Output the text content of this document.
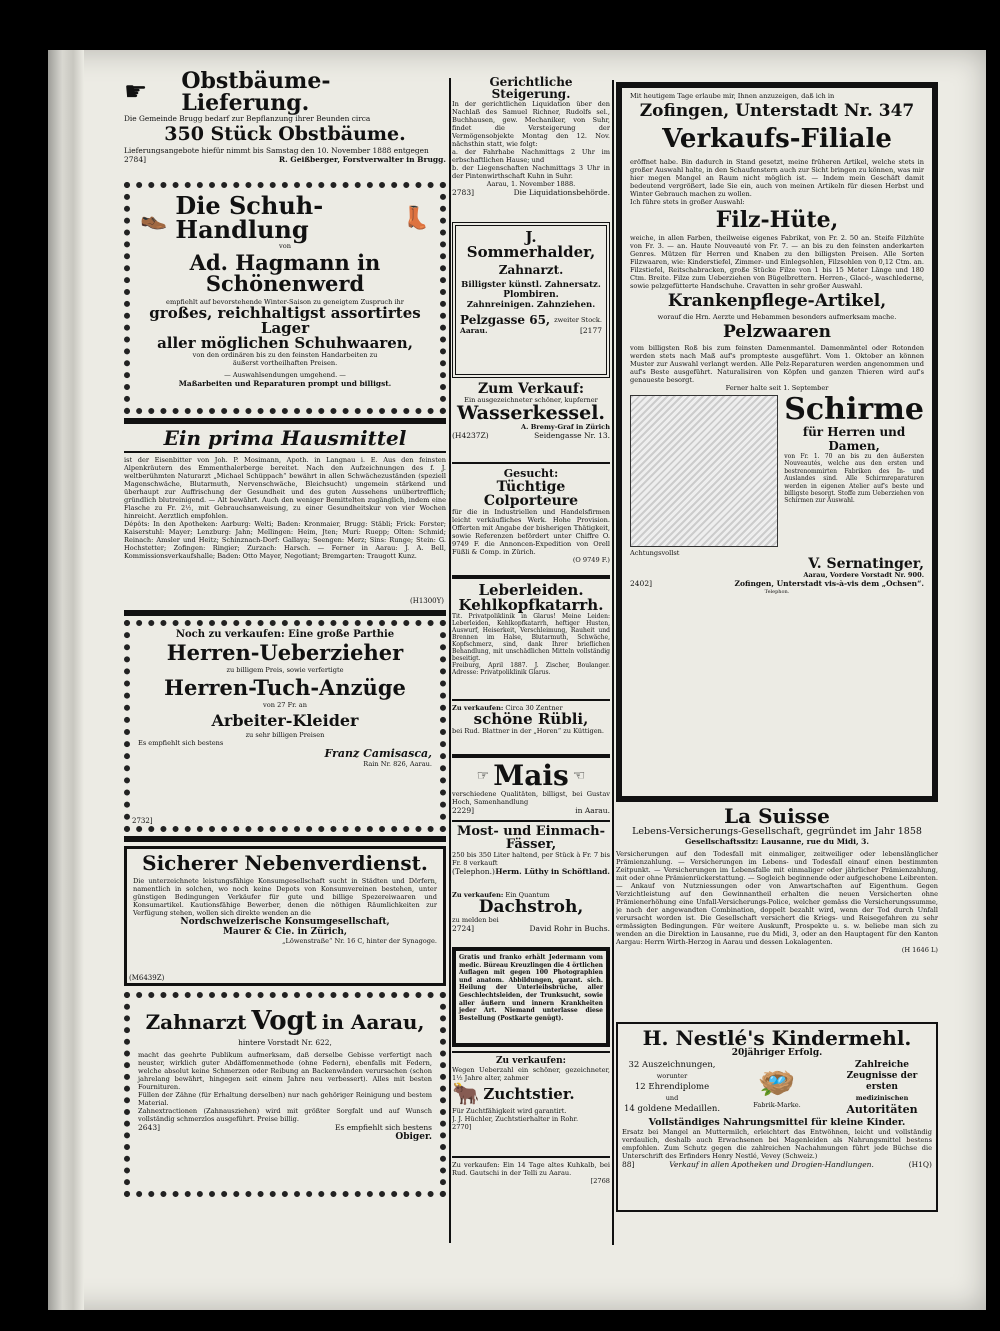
☛	Obstbäume-Lieferung.
Die Gemeinde Brugg bedarf zur Bepflanzung ihrer Beunden circa
350 Stück Obstbäume.
Lieferungsangebote hiefür nimmt bis Samstag den 10. November 1888 entgegen
2784]	R. Geißberger, Forstverwalter in Brugg.
👞 Die Schuh-Handlung	👢
von
Ad. Hagmann in Schönenwerd
empfiehlt auf bevorstehende Winter-Saison zu geneigtem Zuspruch ihr
großes, reichhaltigst assortirtes Lager
aller möglichen Schuhwaaren,
von den ordinären bis zu den feinsten Handarbeiten zu
äußerst vortheilhaften Preisen.
— Auswahlsendungen umgehend. —
Maßarbeiten und Reparaturen prompt und billigst.
Ein prima Hausmittel
ist der Eisenbitter von Joh. P. Mosimann, Apoth. in Langnau i. E. Aus den feinsten Alpenkräutern des Emmenthalerberge bereitet. Nach den Aufzeichnungen des f. J. weltberühmten Naturarzt „Michael Schüppach“ bewährt in allen Schwächezuständen (speziell Magenschwäche, Blutarmuth, Nervenschwäche, Bleichsucht) ungemein stärkend und überhaupt zur Auffrischung der Gesundheit und des guten Aussehens unübertrefflich; gründlich blutreinigend. — Alt bewährt. Auch den weniger Bemittelten zugänglich, indem eine Flasche zu Fr. 2½, mit Gebrauchsanweisung, zu einer Gesundheitskur von vier Wochen hinreicht. Aerztlich empfohlen.
Dépôts: In den Apotheken: Aarburg: Welti; Baden: Kronmaier, Brugg: Stäbli; Frick: Forster; Kaiserstuhl: Mayer; Lenzburg: Jahn; Mellingen: Heim, Jten; Muri: Ruepp; Olten: Schmid; Reinach: Amsler und Heitz; Schinznach-Dorf: Gallaya; Seengen: Merz; Sins: Runge; Stein: G. Hochstetter; Zofingen: Ringier; Zurzach: Harsch. — Ferner in Aarau: J. A. Bell, Kommissionsverkaufshalle; Baden: Otto Mayer, Negotiant; Bremgarten: Traugott Kunz.
(H1300Y)
Noch zu verkaufen: Eine große Parthie
Herren-Ueberzieher
zu billigem Preis, sowie verfertigte
Herren-Tuch-Anzüge
von 27 Fr. an
Arbeiter-Kleider
zu sehr billigen Preisen
Es empfiehlt sich bestens
Franz Camisasca,
Rain Nr. 826, Aarau.
2732]
Sicherer Nebenverdienst.
Die unterzeichnete leistungsfähige Konsumgesellschaft sucht in Städten und Dörfern, namentlich in solchen, wo noch keine Depots von Konsumvereinen bestehen, unter günstigen Bedingungen Verkäufer für gute und billige Spezereiwaaren und Konsumartikel. Kautionsfähige Bewerber, denen die nöthigen Räumlichkeiten zur Verfügung stehen, wollen sich direkte wenden an die
Nordschweizerische Konsumgesellschaft,
Maurer & Cie. in Zürich,
„Löwenstraße“ Nr. 16 C, hinter der Synagoge.
(M6439Z)
Zahnarzt Vogt in Aarau,
hintere Vorstadt Nr. 622,
macht das geehrte Publikum aufmerksam, daß derselbe Gebisse verfertigt nach neuster, wirklich guter Abdäffomenmethode (ohne Federn), ebenfalls mit Federn, welche absolut keine Schmerzen oder Reibung an Backenwänden verursachen (schon jahrelang bewährt, hingegen seit einem Jahre neu verbessert). Alles mit besten Fournituren.
Füllen der Zähne (für Erhaltung derselben) nur nach gehöriger Reinigung und bestem Material.
Zahnextractionen (Zahnausziehen) wird mit größter Sorgfalt und auf Wunsch vollständig schmerzlos ausgeführt. Preise billig.
2643]	Es empfiehlt sich bestens
Obiger.
Gerichtliche Steigerung.
In der gerichtlichen Liquidation über den Nachlaß des Samuel Richner, Rudolfs sel., Buchhausen, gew. Mechaniker, von Suhr, findet die Versteigerung der Vermögensobjekte Montag den 12. Nov. nächsthin statt, wie folgt:
a. der Fahrhabe Nachmittags 2 Uhr im erbschaftlichen Hause; und
b. der Liegenschaften Nachmittags 3 Uhr in der Pintenwirthschaft Kuhn in Suhr.
Aarau, 1. November 1888.
2783]	Die Liquidationsbehörde.
J. Sommerhalder,
Zahnarzt.
Billigster künstl. Zahnersatz.
Plombiren.
Zahnreinigen. Zahnziehen.
Pelzgasse 65, zweiter Stock.
Aarau.	[2177
Zum Verkauf:
Ein ausgezeichneter schöner, kupferner
Wasserkessel.
A. Bremy-Graf in Zürich
(H4237Z)	Seidengasse Nr. 13.
Gesucht:
Tüchtige Colporteure
für die in Industriellen und Handelsfirmen leicht verkäufliches Werk. Hohe Provision. Offerten mit Angabe der bisherigen Thätigkeit, sowie Referenzen befördert unter Chiffre O. 9749 F. die Annoncen-Expedition von Orell Füßli & Comp. in Zürich.
(O 9749 F.)
Leberleiden.
Kehlkopfkatarrh.
Tit. Privatpoliklinik in Glarus! Meine Leiden: Leberleiden, Kehlkopfkatarrh, heftiger Husten, Auswurf, Heiserkeit, Verschleimung, Rauheit und Brennen im Halse, Blutarmuth, Schwäche, Kopfschmerz, sind, dank Ihrer brieflichen Behandlung, mit unschädlichen Mitteln vollständig beseitigt.
Freiburg, April 1887. J. Zischer, Boulanger. Adresse: Privatpoliklinik Glarus.
Zu verkaufen: Circa 30 Zentner
schöne Rübli,
bei Rud. Blattner in der „Horen“ zu Küttigen.
☞ Mais ☜
verschiedene Qualitäten, billigst, bei Gustav Hoch, Samenhandlung
2229]	in Aarau.
Most- und Einmach-Fässer,
250 bis 350 Liter haltend, per Stück à Fr. 7 bis Fr. 8 verkauft
(Telephon.) Herm. Lüthy in Schöftland.
Zu verkaufen: Ein Quantum
Dachstroh,
zu melden bei
2724]	David Rohr in Buchs.
Gratis und franko erhält Jedermann vom medic. Büreau Kreuzlingen die 4 örtlichen Auflagen mit gegen 100 Photographien und anatom. Abbildungen, garant. sich. Heilung der Unterleibsbrüche, aller Geschlechtsleiden, der Trunksucht, sowie aller äußern und innern Krankheiten jeder Art. Niemand unterlasse diese Bestellung (Postkarte genügt).
Zu verkaufen:
Wegen Ueberzahl ein schöner, gezeichneter, 1½ Jahre alter, zahmer
🐂 Zuchtstier.
Für Zuchtfähigkeit wird garantirt.
J. J. Hüchler, Zuchtstierhalter in Rohr.
2770]
Zu verkaufen: Ein 14 Tage altes Kuhkalb, bei Rud. Gautschi in der Telli zu Aarau.
[2768
Mit heutigem Tage erlaube mir, Ihnen anzuzeigen, daß ich in
Zofingen, Unterstadt Nr. 347
Verkaufs-Filiale
eröffnet habe. Bin dadurch in Stand gesetzt, meine früheren Artikel, welche stets in großer Auswahl halte, in den Schaufenstern auch zur Sicht bringen zu können, was mir hier megen Mangel an Raum nicht möglich ist. — Indem mein Geschäft damit bedeutend vergrößert, lade Sie ein, auch von meinen Artikeln für diesen Herbst und Winter Gebrauch machen zu wollen.
Ich führe stets in großer Auswahl:
Filz-Hüte,
weiche, in allen Farben, theilweise eigenes Fabrikat, von Fr. 2. 50 an. Steife Filzhüte von Fr. 3. — an. Haute Nouveauté von Fr. 7. — an bis zu den feinsten anderkarten Genres. Mützen für Herren und Knaben zu den billigsten Preisen. Alle Sorten Filzwaaren, wie: Kinderstiefel, Zimmer- und Einlegsohlen, Filzsohlen von 0,12 Ctm. an. Filzstiefel, Reitschabracken, große Stücke Filze von 1 bis 15 Meter Länge und 180 Ctm. Breite. Filze zum Ueberziehen von Bügelbrettern. Herren-, Glacé-, waschlederne, sowie pelzgefütterte Handschuhe. Cravatten in sehr großer Auswahl.
Krankenpflege-Artikel,
worauf die Hrn. Aerzte und Hebammen besonders aufmerksam mache.
Pelzwaaren
vom billigsten Roß bis zum feinsten Damenmantel. Damenmäntel oder Rotonden werden stets nach Maß auf's prompteste ausgeführt. Vom 1. Oktober an können Muster zur Auswahl verlangt werden. Alle Pelz-Reparaturen werden angenommen und auf's Beste ausgeführt. Naturalisiren von Köpfen und ganzen Thieren wird auf's genaueste besorgt.
Ferner halte seit 1. September
Achtungsvollst
Schirme
für Herren und
Damen,
von Fr. 1. 70 an bis zu den äußersten Nouveautés, welche aus den ersten und bestrenommirten Fabriken des In- und Auslandes sind. Alle Schirmreparaturen werden in eigenen Atelier auf's beste und billigste besorgt. Stoffe zum Ueberziehen von Schirmen zur Auswahl.
V. Sernatinger,
Aarau, Vordere Vorstadt Nr. 900.
2402]	Zofingen, Unterstadt vis-à-vis dem „Ochsen“.
Telephon.
La Suisse
Lebens-Versicherungs-Gesellschaft, gegründet im Jahr 1858
Gesellschaftssitz: Lausanne, rue du Midi, 3.
Versicherungen auf den Todesfall mit einmaliger, zeitweiliger oder lebenslänglicher Prämienzahlung. — Versicherungen im Lebens- und Todesfall einauf einen bestimmten Zeitpunkt. — Versicherungen im Lebensfalle mit einmaliger oder jährlicher Prämienzahlung, mit oder ohne Prämienrückerstattung. — Sogleich beginnende oder aufgeschobene Leibrenten. — Ankauf von Nutzniessungen oder von Anwartschaften auf Eigenthum. Gegen Verzichtleistung auf den Gewinnantheil erhalten die neuen Versicherten ohne Prämienerhöhung eine Unfall-Versicherungs-Police, welcher gemäss die Versicherungssumme, je nach der angewandten Combination, doppelt bezahlt wird, wenn der Tod durch Unfall verursacht worden ist. Die Gesellschaft versichert die Kriegs- und Reisegefahren zu sehr ermässigten Bedingungen. Für weitere Auskunft, Prospekte u. s. w. beliebe man sich zu wenden an die Direktion in Lausanne, rue du Midi, 3, oder an den Hauptagent für den Kanton Aargau: Herrn Wirth-Herzog in Aarau und dessen Lokalagenten.
(H 1646 L)
H. Nestlé's Kindermehl.
20jähriger Erfolg.
32 Auszeichnungen,
worunter
12 Ehrendiplome
und
14 goldene Medaillen.
🪺
Fabrik-Marke.
Zahlreiche
Zeugnisse der ersten
medizinischen
Autoritäten
Vollständiges Nahrungsmittel für kleine Kinder.
Ersatz bei Mangel an Muttermilch, erleichtert das Entwöhnen, leicht und vollständig verdaulich, deshalb auch Erwachsenen bei Magenleiden als Nahrungsmittel bestens empfohlen. Zum Schutz gegen die zahlreichen Nachahmungen führt jede Büchse die Unterschrift des Erfinders Henry Nestlé, Vevey (Schweiz.)
88]	Verkauf in allen Apotheken und Drogien-Handlungen.	(H1Q)
